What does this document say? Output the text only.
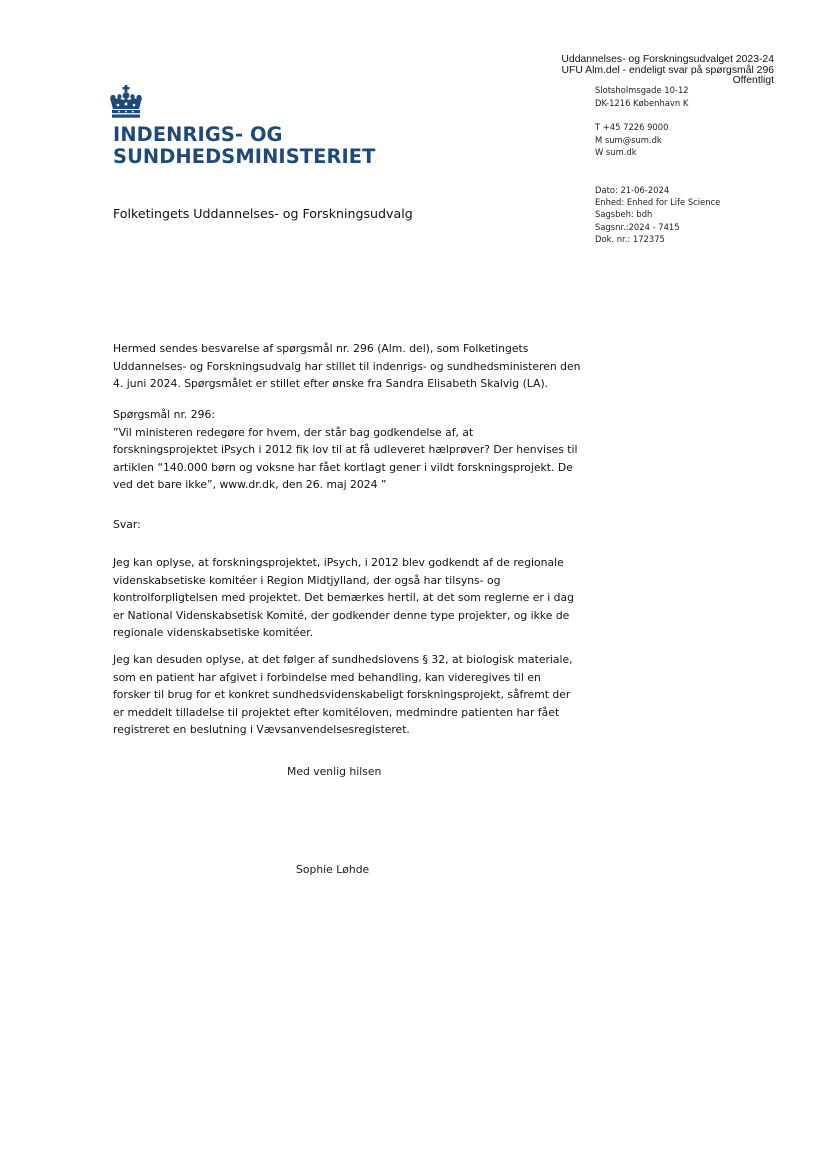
Uddannelses- og Forskningsudvalget 2023-24
UFU Alm.del - endeligt svar på spørgsmål 296
Offentligt
INDENRIGS- OG
SUNDHEDSMINISTERIET
Slotsholmsgade 10-12
DK-1216 København K
T +45 7226 9000
M sum@sum.dk
W sum.dk
Dato: 21-06-2024
Enhed: Enhed for Life Science
Sagsbeh: bdh
Sagsnr.:2024 - 7415
Dok. nr.: 172375
Folketingets Uddannelses- og Forskningsudvalg
Hermed sendes besvarelse af spørgsmål nr. 296 (Alm. del), som Folketingets
Uddannelses- og Forskningsudvalg har stillet til indenrigs- og sundhedsministeren den
4. juni 2024. Spørgsmålet er stillet efter ønske fra Sandra Elisabeth Skalvig (LA).
Spørgsmål nr. 296:
”Vil ministeren redegøre for hvem, der står bag godkendelse af, at
forskningsprojektet iPsych i 2012 fik lov til at få udleveret hælprøver? Der henvises til
artiklen “140.000 børn og voksne har fået kortlagt gener i vildt forskningsprojekt. De
ved det bare ikke”, www.dr.dk, den 26. maj 2024 ”
Svar:
Jeg kan oplyse, at forskningsprojektet, iPsych, i 2012 blev godkendt af de regionale
videnskabsetiske komitéer i Region Midtjylland, der også har tilsyns- og
kontrolforpligtelsen med projektet. Det bemærkes hertil, at det som reglerne er i dag
er National Videnskabsetisk Komité, der godkender denne type projekter, og ikke de
regionale videnskabsetiske komitéer.
Jeg kan desuden oplyse, at det følger af sundhedslovens § 32, at biologisk materiale,
som en patient har afgivet i forbindelse med behandling, kan videregives til en
forsker til brug for et konkret sundhedsvidenskabeligt forskningsprojekt, såfremt der
er meddelt tilladelse til projektet efter komitéloven, medmindre patienten har fået
registreret en beslutning i Vævsanvendelsesregisteret.
Med venlig hilsen
Sophie Løhde
